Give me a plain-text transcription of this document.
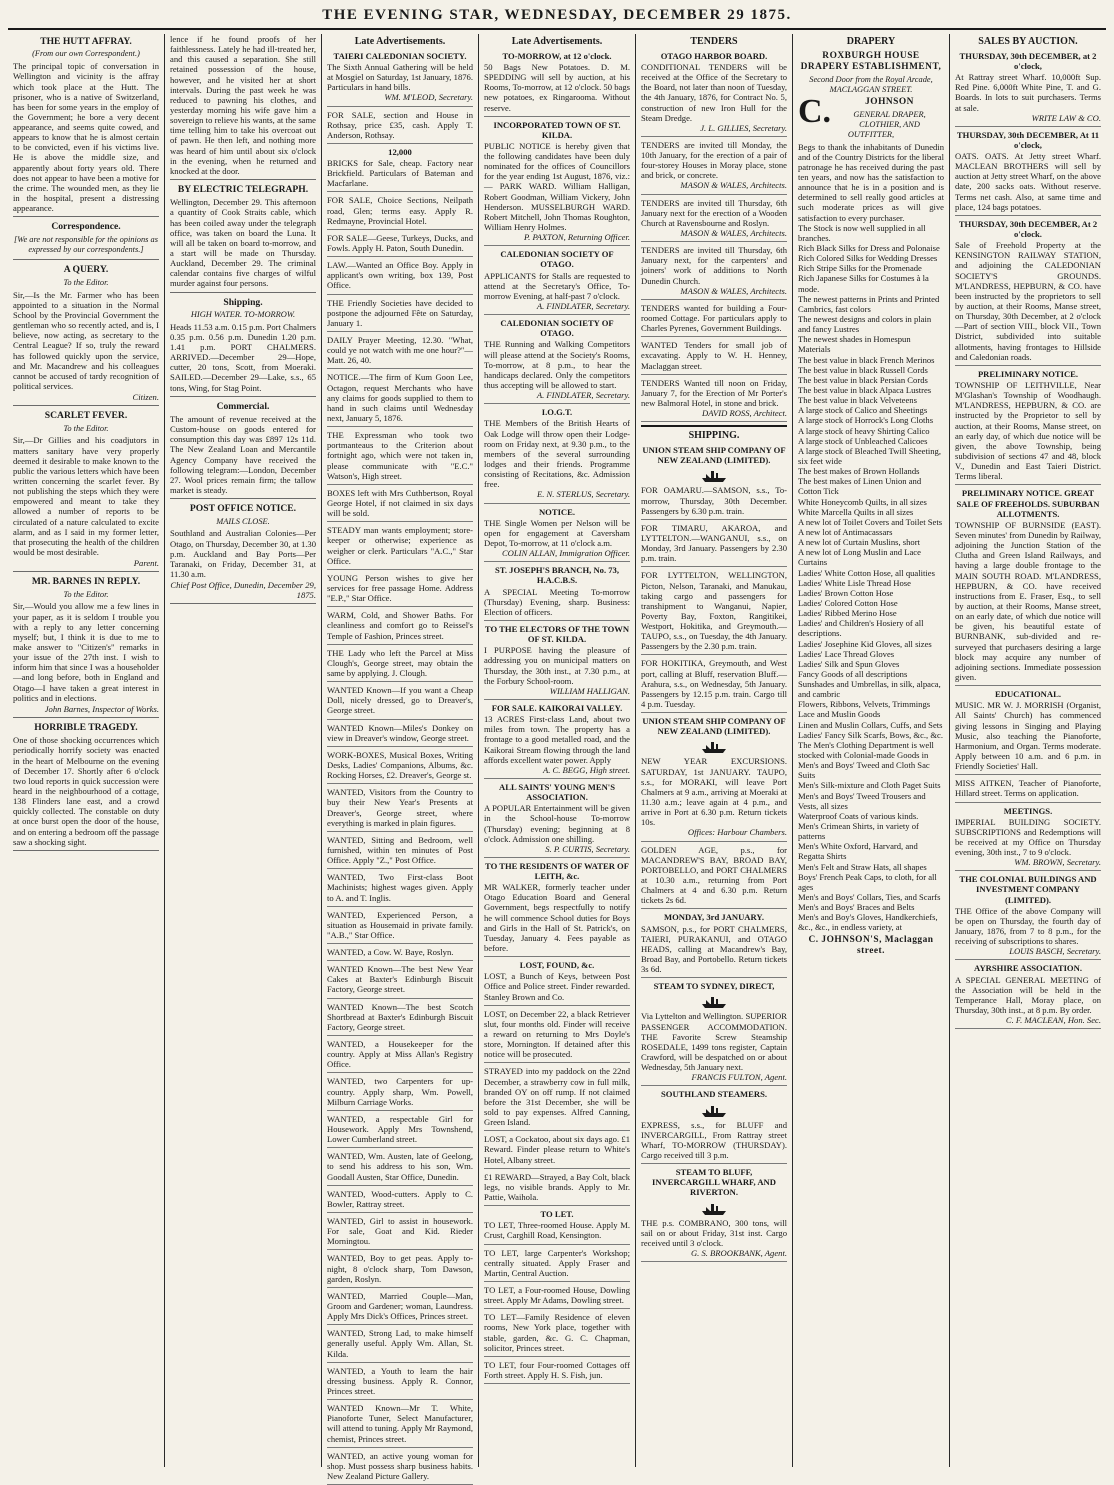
THE EVENING STAR, WEDNESDAY, DECEMBER 29 1875.
THE HUTT AFFRAY.
(From our own Correspondent.)

The principal topic of conversation in Wellington and vicinity is the affray which took place at the Hutt. The prisoner, who is a native of Switzerland, has been for some years in the employ of the Government; he bore a very decent appearance, and seems quite cowed, and appears to know that he is almost certain to be convicted, even if his victims live. He is above the middle size, and apparently about forty years old. There does not appear to have been a motive for the crime. The wounded men, as they lie in the hospital, present a distressing appearance.

Correspondence.
[We are not responsible for the opinions as expressed by our correspondents.]
A QUERY.
To the Editor.

Sir,—Is the Mr. Farmer who has been appointed to a situation in the Normal School by the Provincial Government the gentleman who so recently acted, and is, I believe, now acting, as secretary to the Central League? If so, truly the reward has followed quickly upon the service, and Mr. Macandrew and his colleagues cannot be accused of tardy recognition of political services.

Citizen.
SCARLET FEVER.
To the Editor.

Sir,—Dr Gillies and his coadjutors in matters sanitary have very properly deemed it desirable to make known to the public the various letters which have been written concerning the scarlet fever. By not publishing the steps which they were empowered and meant to take they allowed a number of reports to be circulated of a nature calculated to excite alarm, and as I said in my former letter, that prosecuting the health of the children would be most desirable.

Parent.
MR. BARNES IN REPLY.
To the Editor.

Sir,—Would you allow me a few lines in your paper, as it is seldom I trouble you with a reply to any letter concerning myself; but, I think it is due to me to make answer to "Citizen's" remarks in your issue of the 27th inst. I wish to inform him that since I was a householder—and long before, both in England and Otago—I have taken a great interest in politics and in elections.

John Barnes, Inspector of Works.
HORRIBLE TRAGEDY.

One of those shocking occurrences which periodically horrify society was enacted in the heart of Melbourne on the evening of December 17. Shortly after 6 o'clock two loud reports in quick succession were heard in the neighbourhood of a cottage, 138 Flinders lane east, and a crowd quickly collected. The constable on duty at once burst open the door of the house, and on entering a bedroom off the passage saw a shocking sight.

lence if he found proofs of her faithlessness. Lately he had ill-treated her, and this caused a separation. She still retained possession of the house, however, and he visited her at short intervals. During the past week he was reduced to pawning his clothes, and yesterday morning his wife gave him a sovereign to relieve his wants, at the same time telling him to take his overcoat out of pawn. He then left, and nothing more was heard of him until about six o'clock in the evening, when he returned and knocked at the door.

BY ELECTRIC TELEGRAPH.

Wellington, December 29. This afternoon a quantity of Cook Straits cable, which has been coiled away under the telegraph office, was taken on board the Luna. It will all be taken on board to-morrow, and a start will be made on Thursday. Auckland, December 29. The criminal calendar contains five charges of wilful murder against four persons.

Shipping.
HIGH WATER. TO-MORROW.

Heads 11.53 a.m. 0.15 p.m. Port Chalmers 0.35 p.m. 0.56 p.m. Dunedin 1.20 p.m. 1.41 p.m. PORT CHALMERS. ARRIVED.—December 29—Hope, cutter, 20 tons, Scott, from Moeraki. SAILED.—December 29—Lake, s.s., 65 tons, Wing, for Stag Point.

Commercial.

The amount of revenue received at the Custom-house on goods entered for consumption this day was £897 12s 11d. The New Zealand Loan and Mercantile Agency Company have received the following telegram:—London, December 27. Wool prices remain firm; the tallow market is steady.

POST OFFICE NOTICE.
MAILS CLOSE.

Southland and Australian Colonies—Per Otago, on Thursday, December 30, at 1.30 p.m. Auckland and Bay Ports—Per Taranaki, on Friday, December 31, at 11.30 a.m.

Chief Post Office, Dunedin, December 29, 1875.
Late Advertisements.
TAIERI CALEDONIAN SOCIETY.
The Sixth Annual Gathering will be held at Mosgiel on Saturday, 1st January, 1876. Particulars in hand bills.
WM. M'LEOD, Secretary.
FOR SALE, section and House in Rothsay, price £35, cash. Apply T. Anderson, Rothsay.
12,000
BRICKS for Sale, cheap. Factory near Brickfield. Particulars of Bateman and Macfarlane.
FOR SALE, Choice Sections, Neilpath road, Glen; terms easy. Apply R. Redmayne, Provincial Hotel.
FOR SALE—Geese, Turkeys, Ducks, and Fowls. Apply H. Paton, South Dunedin.
LAW.—Wanted an Office Boy. Apply in applicant's own writing, box 139, Post Office.
THE Friendly Societies have decided to postpone the adjourned Fête on Saturday, January 1.
DAILY Prayer Meeting, 12.30. "What, could ye not watch with me one hour?"—Matt. 26, 40.
NOTICE.—The firm of Kum Goon Lee, Octagon, request Merchants who have any claims for goods supplied to them to hand in such claims until Wednesday next, January 5, 1876.
THE Expressman who took two portmanteaus to the Criterion about fortnight ago, which were not taken in, please communicate with "E.C." Watson's, High street.
BOXES left with Mrs Cuthbertson, Royal George Hotel, if not claimed in six days will be sold.
STEADY man wants employment; store-keeper or otherwise; experience as weigher or clerk. Particulars "A.C.," Star Office.
YOUNG Person wishes to give her services for free passage Home. Address "E.P.," Star Office.
WARM, Cold, and Shower Baths. For cleanliness and comfort go to Reissel's Temple of Fashion, Princes street.
THE Lady who left the Parcel at Miss Clough's, George street, may obtain the same by applying. J. Clough.
WANTED Known—If you want a Cheap Doll, nicely dressed, go to Dreaver's, George street.
WANTED Known—Miles's Donkey on view in Dreaver's window, George street.
WORK-BOXES, Musical Boxes, Writing Desks, Ladies' Companions, Albums, &c. Rocking Horses, £2. Dreaver's, George st.
WANTED, Visitors from the Country to buy their New Year's Presents at Dreaver's, George street, where everything is marked in plain figures.
WANTED, Sitting and Bedroom, well furnished, within ten minutes of Post Office. Apply "Z.," Post Office.
WANTED, Two First-class Boot Machinists; highest wages given. Apply to A. and T. Inglis.
WANTED, Experienced Person, a situation as Housemaid in private family. "A.B.," Star Office.
WANTED, a Cow. W. Baye, Roslyn.
WANTED Known—The best New Year Cakes at Baxter's Edinburgh Biscuit Factory, George street.
WANTED Known—The best Scotch Shortbread at Baxter's Edinburgh Biscuit Factory, George street.
WANTED, a Housekeeper for the country. Apply at Miss Allan's Registry Office.
WANTED, two Carpenters for up-country. Apply sharp, Wm. Powell, Milburn Carriage Works.
WANTED, a respectable Girl for Housework. Apply Mrs Townshend, Lower Cumberland street.
WANTED, Wm. Austen, late of Geelong, to send his address to his son, Wm. Goodall Austen, Star Office, Dunedin.
WANTED, Wood-cutters. Apply to C. Bowler, Rattray street.
WANTED, Girl to assist in housework. For sale, Goat and Kid. Rieder Morningtou.
WANTED, Boy to get peas. Apply to-night, 8 o'clock sharp, Tom Dawson, garden, Roslyn.
WANTED, Married Couple—Man, Groom and Gardener; woman, Laundress. Apply Mrs Dick's Offices, Princes street.
WANTED, Strong Lad, to make himself generally useful. Apply Wm. Allan, St. Kilda.
WANTED, a Youth to learn the hair dressing business. Apply R. Connor, Princes street.
WANTED Known—Mr T. White, Pianoforte Tuner, Select Manufacturer, will attend to tuning. Apply Mr Raymond, chemist, Princes street.
WANTED, an active young woman for shop. Must possess sharp business habits. New Zealand Picture Gallery.
Late Advertisements.
TO-MORROW, at 12 o'clock.
50 Bags New Potatoes. D. M. SPEDDING will sell by auction, at his Rooms, To-morrow, at 12 o'clock. 50 bags new potatoes, ex Ringarooma. Without reserve.
INCORPORATED TOWN OF ST. KILDA.
PUBLIC NOTICE is hereby given that the following candidates have been duly nominated for the offices of Councillors for the year ending 1st August, 1876, viz.:— PARK WARD. William Halligan, Robert Goodman, William Vickery, John Henderson. MUSSELBURGH WARD. Robert Mitchell, John Thomas Roughton, William Henry Holmes.
P. PAXTON, Returning Officer.
CALEDONIAN SOCIETY OF OTAGO.
APPLICANTS for Stalls are requested to attend at the Secretary's Office, To-morrow Evening, at half-past 7 o'clock.
A. FINDLATER, Secretary.
CALEDONIAN SOCIETY OF OTAGO.
THE Running and Walking Competitors will please attend at the Society's Rooms, To-morrow, at 8 p.m., to hear the handicaps declared. Only the competitors thus accepting will be allowed to start.
A. FINDLATER, Secretary.
I.O.G.T.
THE Members of the British Hearts of Oak Lodge will throw open their Lodge-room on Friday next, at 9.30 p.m., to the members of the several surrounding lodges and their friends. Programme consisting of Recitations, &c. Admission free.
E. N. STERLUS, Secretary.
NOTICE.
THE Single Women per Nelson will be open for engagement at Caversham Depot, To-morrow, at 11 o'clock a.m.
COLIN ALLAN, Immigration Officer.
ST. JOSEPH'S BRANCH, No. 73, H.A.C.B.S.
A SPECIAL Meeting To-morrow (Thursday) Evening, sharp. Business: Election of officers.
TO THE ELECTORS OF THE TOWN OF ST. KILDA.
I PURPOSE having the pleasure of addressing you on municipal matters on Thursday, the 30th inst., at 7.30 p.m., at the Forbury School-room.
WILLIAM HALLIGAN.
FOR SALE. KAIKORAI VALLEY.
13 ACRES First-class Land, about two miles from town. The property has a frontage to a good metalled road, and the Kaikorai Stream flowing through the land affords excellent water power. Apply
A. C. BEGG, High street.
ALL SAINTS' YOUNG MEN'S ASSOCIATION.
A POPULAR Entertainment will be given in the School-house To-morrow (Thursday) evening; beginning at 8 o'clock. Admission one shilling.
S. P. CURTIS, Secretary.
TO THE RESIDENTS OF WATER OF LEITH, &c.
MR WALKER, formerly teacher under Otago Education Board and General Government, begs respectfully to notify he will commence School duties for Boys and Girls in the Hall of St. Patrick's, on Tuesday, January 4. Fees payable as before.
LOST, FOUND, &c.
LOST, a Bunch of Keys, between Post Office and Police street. Finder rewarded. Stanley Brown and Co.
LOST, on December 22, a black Retriever slut, four months old. Finder will receive a reward on returning to Mrs Doyle's store, Mornington. If detained after this notice will be prosecuted.
STRAYED into my paddock on the 22nd December, a strawberry cow in full milk, branded OY on off rump. If not claimed before the 31st December, she will be sold to pay expenses. Alfred Canning, Green Island.
LOST, a Cockatoo, about six days ago. £1 Reward. Finder please return to White's Hotel, Albany street.
£1 REWARD—Strayed, a Bay Colt, black legs, no visible brands. Apply to Mr. Pattie, Waihola.
TO LET.
TO LET, Three-roomed House. Apply M. Crust, Carghill Road, Kensington.
TO LET, large Carpenter's Workshop; centrally situated. Apply Fraser and Martin, Central Auction.
TO LET, a Four-roomed House, Dowling street. Apply Mr Adams, Dowling street.
TO LET—Family Residence of eleven rooms, New York place, together with stable, garden, &c. G. C. Chapman, solicitor, Princes street.
TO LET, four Four-roomed Cottages off Forth street. Apply H. S. Fish, jun.
TENDERS
OTAGO HARBOR BOARD.
CONDITIONAL TENDERS will be received at the Office of the Secretary to the Board, not later than noon of Tuesday, the 4th January, 1876, for Contract No. 5, construction of new Iron Hull for the Steam Dredge.
J. L. GILLIES, Secretary.
TENDERS are invited till Monday, the 10th January, for the erection of a pair of four-storey Houses in Moray place, stone and brick, or concrete.
MASON & WALES, Architects.
TENDERS are invited till Thursday, 6th January next for the erection of a Wooden Church at Ravensbourne and Roslyn.
MASON & WALES, Architects.
TENDERS are invited till Thursday, 6th January next, for the carpenters' and joiners' work of additions to North Dunedin Church.
MASON & WALES, Architects.
TENDERS wanted for building a Four-roomed Cottage. For particulars apply to Charles Pyrenes, Government Buildings.
WANTED Tenders for small job of excavating. Apply to W. H. Henney, Maclaggan street.
TENDERS Wanted till noon on Friday, January 7, for the Erection of Mr Porter's new Balmoral Hotel, in stone and brick.
DAVID ROSS, Architect.
SHIPPING.
UNION STEAM SHIP COMPANY OF NEW ZEALAND (LIMITED).
FOR OAMARU.—SAMSON, s.s., To-morrow, Thursday, 30th December. Passengers by 6.30 p.m. train.
FOR TIMARU, AKAROA, and LYTTELTON.—WANGANUI, s.s., on Monday, 3rd January. Passengers by 2.30 p.m. train.
FOR LYTTELTON, WELLINGTON, Picton, Nelson, Taranaki, and Manukau, taking cargo and passengers for transhipment to Wanganui, Napier, Poverty Bay, Foxton, Rangitikei, Westport, Hokitika, and Greymouth.—TAUPO, s.s., on Tuesday, the 4th January. Passengers by the 2.30 p.m. train.
FOR HOKITIKA, Greymouth, and West port, calling at Bluff, reservation Bluff.—Arahura, s.s., on Wednesday, 5th January. Passengers by 12.15 p.m. train. Cargo till 4 p.m. Tuesday.
UNION STEAM SHIP COMPANY OF NEW ZEALAND (LIMITED).
NEW YEAR EXCURSIONS. SATURDAY, 1st JANUARY. TAUPO, s.s., for MORAKI, will leave Port Chalmers at 9 a.m., arriving at Moeraki at 11.30 a.m.; leave again at 4 p.m., and arrive in Port at 6.30 p.m. Return tickets 10s.
Offices: Harbour Chambers.
GOLDEN AGE, p.s., for MACANDREW'S BAY, BROAD BAY, PORTOBELLO, and PORT CHALMERS at 10.30 a.m., returning from Port Chalmers at 4 and 6.30 p.m. Return tickets 2s 6d.
MONDAY, 3rd JANUARY.
SAMSON, p.s., for PORT CHALMERS, TAIERI, PURAKANUI, and OTAGO HEADS, calling at Macandrew's Bay, Broad Bay, and Portobello. Return tickets 3s 6d.
STEAM TO SYDNEY, DIRECT,
Via Lyttelton and Wellington. SUPERIOR PASSENGER ACCOMMODATION. THE Favorite Screw Steamship ROSEDALE, 1499 tons register, Captain Crawford, will be despatched on or about Wednesday, 5th January next.
FRANCIS FULTON, Agent.
SOUTHLAND STEAMERS.
EXPRESS, s.s., for BLUFF and INVERCARGILL, From Rattray street Wharf, TO-MORROW (THURSDAY). Cargo received till 3 p.m.
STEAM TO BLUFF, INVERCARGILL WHARF, AND RIVERTON.
THE p.s. COMBRANO, 300 tons, will sail on or about Friday, 31st inst. Cargo received until 3 o'clock.
G. S. BROOKBANK, Agent.
DRAPERY
ROXBURGH HOUSE DRAPERY ESTABLISHMENT,
Second Door from the Royal Arcade, MACLAGGAN STREET.
C.	JOHNSON
GENERAL DRAPER, CLOTHIER, AND OUTFITTER,

Begs to thank the inhabitants of Dunedin and of the Country Districts for the liberal patronage he has received during the past ten years, and now has the satisfaction to announce that he is in a position and is determined to sell really good articles at such moderate prices as will give satisfaction to every purchaser.

The Stock is now well supplied in all branches.
Rich Black Silks for Dress and Polonaise
Rich Colored Silks for Wedding Dresses
Rich Stripe Silks for the Promenade
Rich Japanese Silks for Costumes à la mode.
The newest patterns in Prints and Printed Cambrics, fast colors
The newest designs and colors in plain and fancy Lustres
The newest shades in Homespun Materials
The best value in black French Merinos
The best value in black Russell Cords
The best value in black Persian Cords
The best value in black Alpaca Lustres
The best value in black Velveteens
A large stock of Calico and Sheetings
A large stock of Horrock's Long Cloths
A large stock of heavy Shirting Calico
A large stock of Unbleached Calicoes
A large stock of Bleached Twill Sheeting, six feet wide
The best makes of Brown Hollands
The best makes of Linen Union and Cotton Tick
White Honeycomb Quilts, in all sizes
White Marcella Quilts in all sizes
A new lot of Toilet Covers and Toilet Sets
A new lot of Antimacassars
A new lot of Curtain Muslins, short
A new lot of Long Muslin and Lace Curtains
Ladies' White Cotton Hose, all qualities
Ladies' White Lisle Thread Hose
Ladies' Brown Cotton Hose
Ladies' Colored Cotton Hose
Ladies' Ribbed Merino Hose
Ladies' and Children's Hosiery of all descriptions.
Ladies' Josephine Kid Gloves, all sizes
Ladies' Lace Thread Gloves
Ladies' Silk and Spun Gloves
Fancy Goods of all descriptions
Sunshades and Umbrellas, in silk, alpaca, and cambric
Flowers, Ribbons, Velvets, Trimmings
Lace and Muslin Goods
Linen and Muslin Collars, Cuffs, and Sets
Ladies' Fancy Silk Scarfs, Bows, &c., &c.
The Men's Clothing Department is well stocked with Colonial-made Goods in Men's and Boys' Tweed and Cloth Sac Suits
Men's Silk-mixture and Cloth Paget Suits
Men's and Boys' Tweed Trousers and Vests, all sizes
Waterproof Coats of various kinds.
Men's Crimean Shirts, in variety of patterns
Men's White Oxford, Harvard, and Regatta Shirts
Men's Felt and Straw Hats, all shapes
Boys' French Peak Caps, to cloth, for all ages
Men's and Boys' Collars, Ties, and Scarfs
Men's and Boys' Braces and Belts
Men's and Boy's Gloves, Handkerchiefs, &c., &c., in endless variety, at
C. JOHNSON'S, Maclaggan street.
SALES BY AUCTION.
THURSDAY, 30th DECEMBER, at 2 o'clock,
At Rattray street Wharf. 10,000ft Sup. Red Pine. 6,000ft White Pine, T. and G. Boards. In lots to suit purchasers. Terms at sale.
WRITE LAW & CO.
THURSDAY, 30th DECEMBER, At 11 o'clock,
OATS. OATS. At Jetty street Wharf. MACLEAN BROTHERS will sell by auction at Jetty street Wharf, on the above date, 200 sacks oats. Without reserve. Terms net cash. Also, at same time and place, 124 bags potatoes.
THURSDAY, 30th DECEMBER, At 2 o'clock.
Sale of Freehold Property at the KENSINGTON RAILWAY STATION, and adjoining the CALEDONIAN SOCIETY'S GROUNDS. M'LANDRESS, HEPBURN, & CO. have been instructed by the proprietors to sell by auction, at their Rooms, Manse street, on Thursday, 30th December, at 2 o'clock—Part of section VIII., block VII., Town District, subdivided into suitable allotments, having frontages to Hillside and Caledonian roads.
PRELIMINARY NOTICE.
TOWNSHIP OF LEITHVILLE, Near M'Glashan's Township of Woodhaugh. M'LANDRESS, HEPBURN, & CO. are instructed by the Proprietor to sell by auction, at their Rooms, Manse street, on an early day, of which due notice will be given, the above Township, being subdivision of sections 47 and 48, block V., Dunedin and East Taieri District. Terms liberal.
PRELIMINARY NOTICE. GREAT SALE OF FREEHOLDS. SUBURBAN ALLOTMENTS.
TOWNSHIP OF BURNSIDE (EAST). Seven minutes' from Dunedin by Railway, adjoining the Junction Station of the Clutha and Green Island Railways, and having a large double frontage to the MAIN SOUTH ROAD. M'LANDRESS, HEPBURN, & CO. have received instructions from E. Fraser, Esq., to sell by auction, at their Rooms, Manse street, on an early date, of which due notice will be given, his beautiful estate of BURNBANK, sub-divided and re-surveyed that purchasers desiring a large block may acquire any number of adjoining sections. Immediate possession given.
EDUCATIONAL.
MUSIC. MR W. J. MORRISH (Organist, All Saints' Church) has commenced giving lessons in Singing and Playing Music, also teaching the Pianoforte, Harmonium, and Organ. Terms moderate. Apply between 10 a.m. and 6 p.m. in Friendly Societies' Hall.
MISS AITKEN, Teacher of Pianoforte, Hillard street. Terms on application.
MEETINGS.
IMPERIAL BUILDING SOCIETY. SUBSCRIPTIONS and Redemptions will be received at my Office on Thursday evening, 30th inst., 7 to 9 o'clock.
WM. BROWN, Secretary.
THE COLONIAL BUILDINGS AND INVESTMENT COMPANY (LIMITED).
THE Office of the above Company will be open on Thursday, the fourth day of January, 1876, from 7 to 8 p.m., for the receiving of subscriptions to shares.
LOUIS BASCH, Secretary.
AYRSHIRE ASSOCIATION.
A SPECIAL GENERAL MEETING of the Association will be held in the Temperance Hall, Moray place, on Thursday, 30th inst., at 8 p.m. By order.
C. F. MACLEAN, Hon. Sec.
